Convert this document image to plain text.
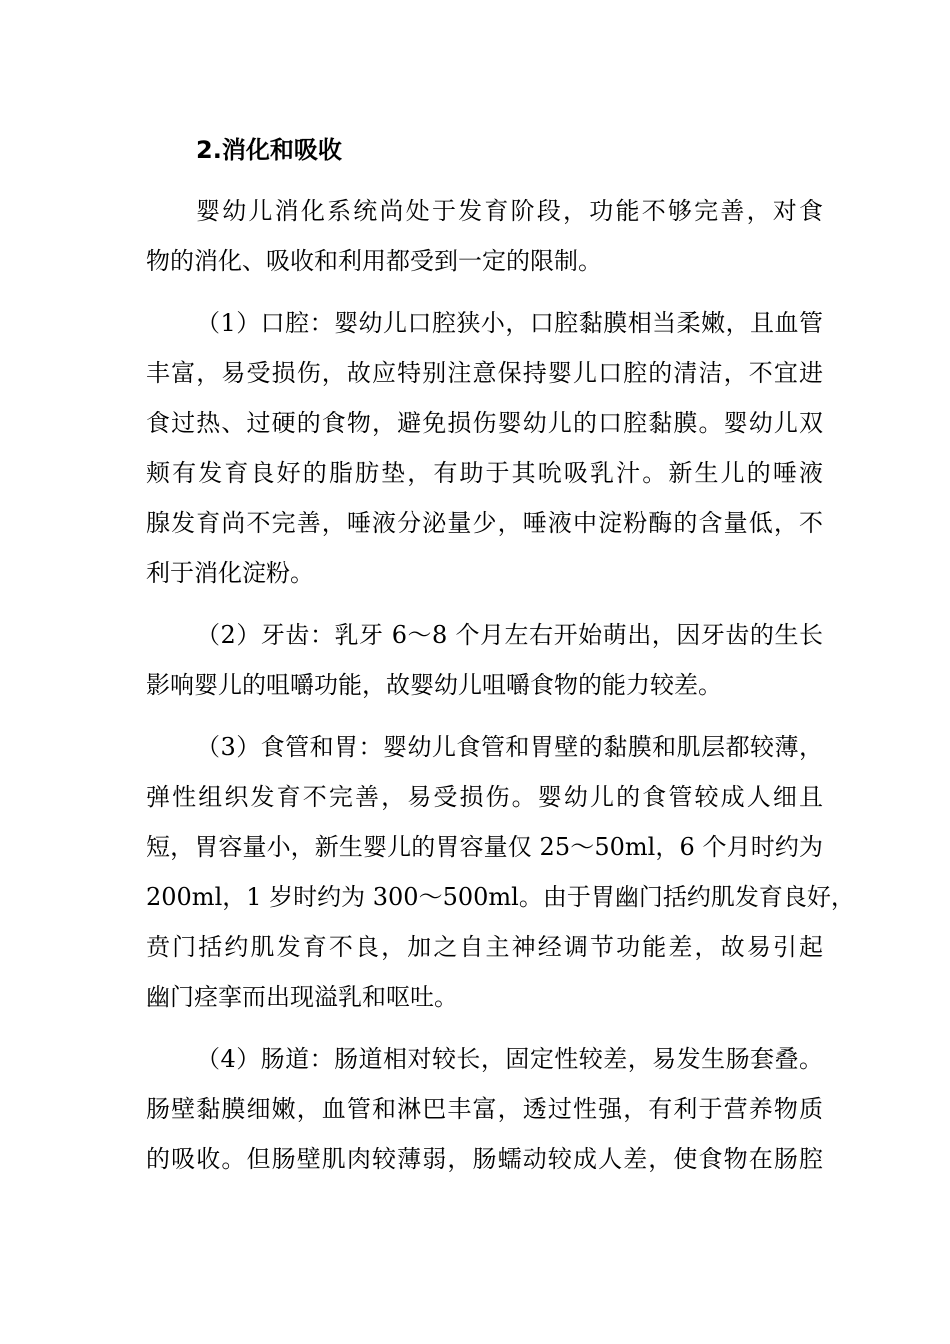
2.消化和吸收

婴幼儿消化系统尚处于发育阶段，功能不够完善，对食

物的消化、吸收和利用都受到一定的限制。

（1）口腔：婴幼儿口腔狭小，口腔黏膜相当柔嫩，且血管

丰富，易受损伤，故应特别注意保持婴儿口腔的清洁，不宜进

食过热、过硬的食物，避免损伤婴幼儿的口腔黏膜。婴幼儿双

颊有发育良好的脂肪垫，有助于其吮吸乳汁。新生儿的唾液

腺发育尚不完善，唾液分泌量少，唾液中淀粉酶的含量低，不

利于消化淀粉。

（2）牙齿：乳牙 6～8 个月左右开始萌出，因牙齿的生长

影响婴儿的咀嚼功能，故婴幼儿咀嚼食物的能力较差。

（3）食管和胃：婴幼儿食管和胃壁的黏膜和肌层都较薄，

弹性组织发育不完善，易受损伤。婴幼儿的食管较成人细且

短，胃容量小，新生婴儿的胃容量仅 25～50ml，6 个月时约为

200ml，1 岁时约为 300～500ml。由于胃幽门括约肌发育良好，

贲门括约肌发育不良，加之自主神经调节功能差，故易引起

幽门痉挛而出现溢乳和呕吐。

（4）肠道：肠道相对较长，固定性较差，易发生肠套叠。

肠壁黏膜细嫩，血管和淋巴丰富，透过性强，有利于营养物质

的吸收。但肠壁肌肉较薄弱，肠蠕动较成人差，使食物在肠腔
